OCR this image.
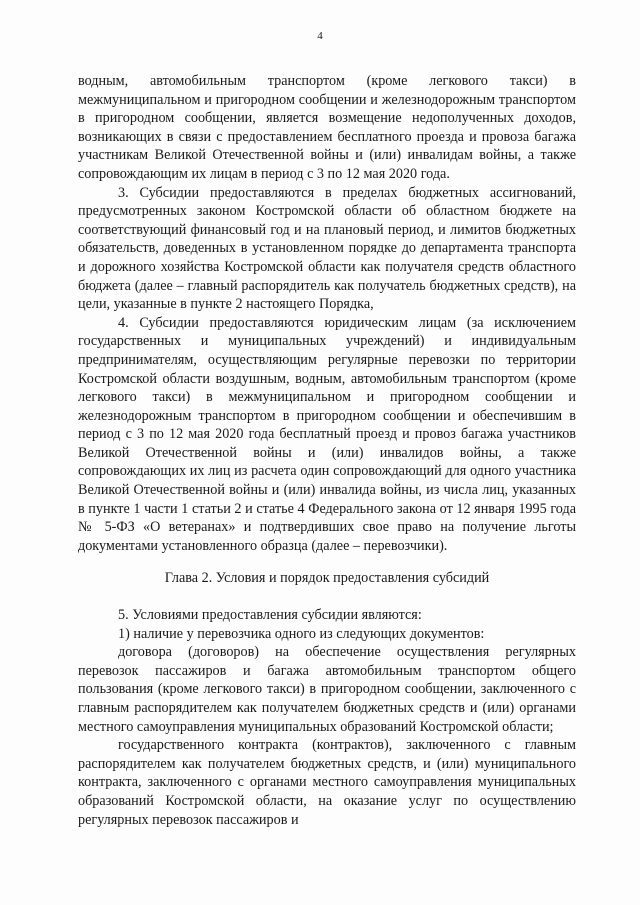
4

водным, автомобильным транспортом (кроме легкового такси) в межмуниципальном и пригородном сообщении и железнодорожным транспортом в пригородном сообщении, является возмещение недополученных доходов, возникающих в связи с предоставлением бесплатного проезда и провоза багажа участникам Великой Отечественной войны и (или) инвалидам войны, а также сопровождающим их лицам в период с 3 по 12 мая 2020 года.

3. Субсидии предоставляются в пределах бюджетных ассигнований, предусмотренных законом Костромской области об областном бюджете на соответствующий финансовый год и на плановый период, и лимитов бюджетных обязательств, доведенных в установленном порядке до департамента транспорта и дорожного хозяйства Костромской области как получателя средств областного бюджета (далее – главный распорядитель как получатель бюджетных средств), на цели, указанные в пункте 2 настоящего Порядка,

4. Субсидии предоставляются юридическим лицам (за исключением государственных и муниципальных учреждений) и индивидуальным предпринимателям, осуществляющим регулярные перевозки по территории Костромской области воздушным, водным, автомобильным транспортом (кроме легкового такси) в межмуниципальном и пригородном сообщении и железнодорожным транспортом в пригородном сообщении и обеспечившим в период с 3 по 12 мая 2020 года бесплатный проезд и провоз багажа участников Великой Отечественной войны и (или) инвалидов войны, а также сопровождающих их лиц из расчета один сопровождающий для одного участника Великой Отечественной войны и (или) инвалида войны, из числа лиц, указанных в пункте 1 части 1 статьи 2 и статье 4 Федерального закона от 12 января 1995 года № 5-ФЗ «О ветеранах» и подтвердивших свое право на получение льготы документами установленного образца (далее – перевозчики).

Глава 2. Условия и порядок предоставления субсидий

5. Условиями предоставления субсидии являются:

1) наличие у перевозчика одного из следующих документов:

договора (договоров) на обеспечение осуществления регулярных перевозок пассажиров и багажа автомобильным транспортом общего пользования (кроме легкового такси) в пригородном сообщении, заключенного с главным распорядителем как получателем бюджетных средств и (или) органами местного самоуправления муниципальных образований Костромской области;

государственного контракта (контрактов), заключенного с главным распорядителем как получателем бюджетных средств, и (или) муниципального контракта, заключенного с органами местного самоуправления муниципальных образований Костромской области, на оказание услуг по осуществлению регулярных перевозок пассажиров и
